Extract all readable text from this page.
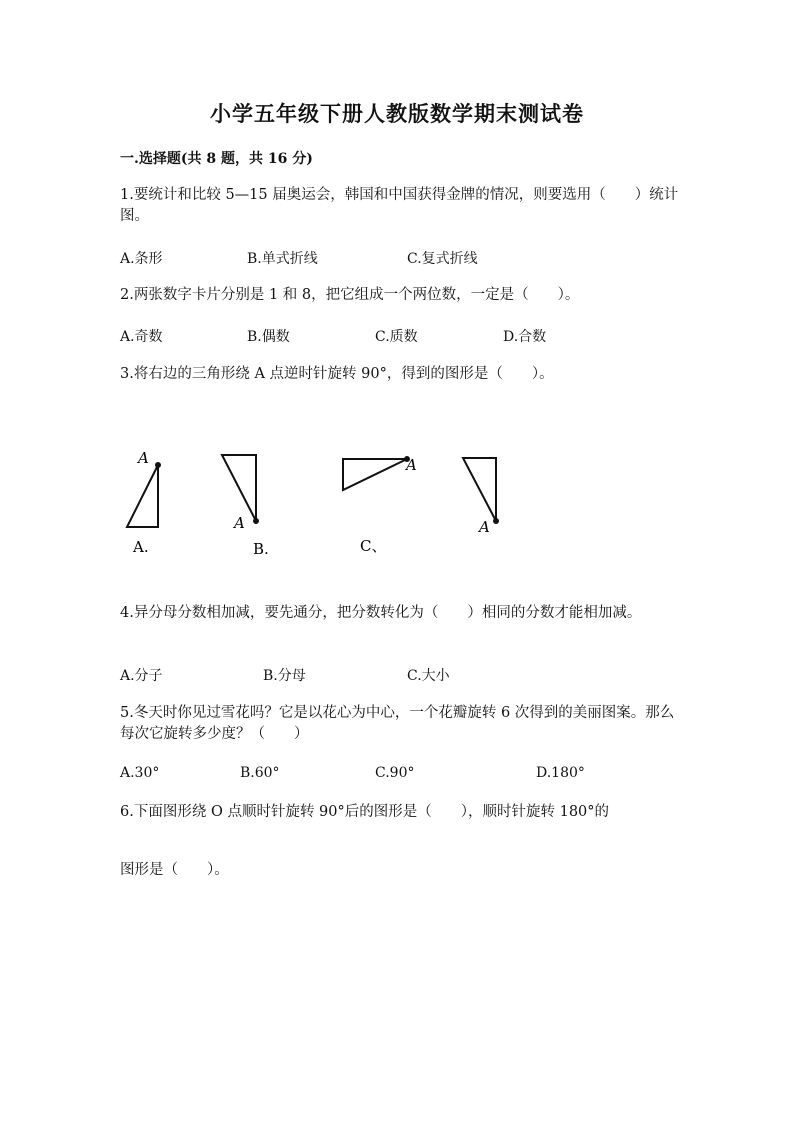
小学五年级下册人教版数学期末测试卷
一.选择题(共 8 题，共 16 分)
1.要统计和比较 5—15 届奥运会，韩国和中国获得金牌的情况，则要选用（　　）统计图。
A.条形	B.单式折线	C.复式折线
2.两张数字卡片分别是 1 和 8，把它组成一个两位数，一定是（　　）。
A.奇数	B.偶数	C.质数	D.合数
3.将右边的三角形绕 A 点逆时针旋转 90°，得到的图形是（　　）。
A
A.
A
B.
A
C、
A
4.异分母分数相加减，要先通分，把分数转化为（　　）相同的分数才能相加减。
A.分子	B.分母	C.大小
5.冬天时你见过雪花吗？它是以花心为中心，一个花瓣旋转 6 次得到的美丽图案。那么每次它旋转多少度？（　　）
A.30°	B.60°	C.90°	D.180°
6.下面图形绕 O 点顺时针旋转 90°后的图形是（　　），顺时针旋转 180°的
图形是（　　）。
